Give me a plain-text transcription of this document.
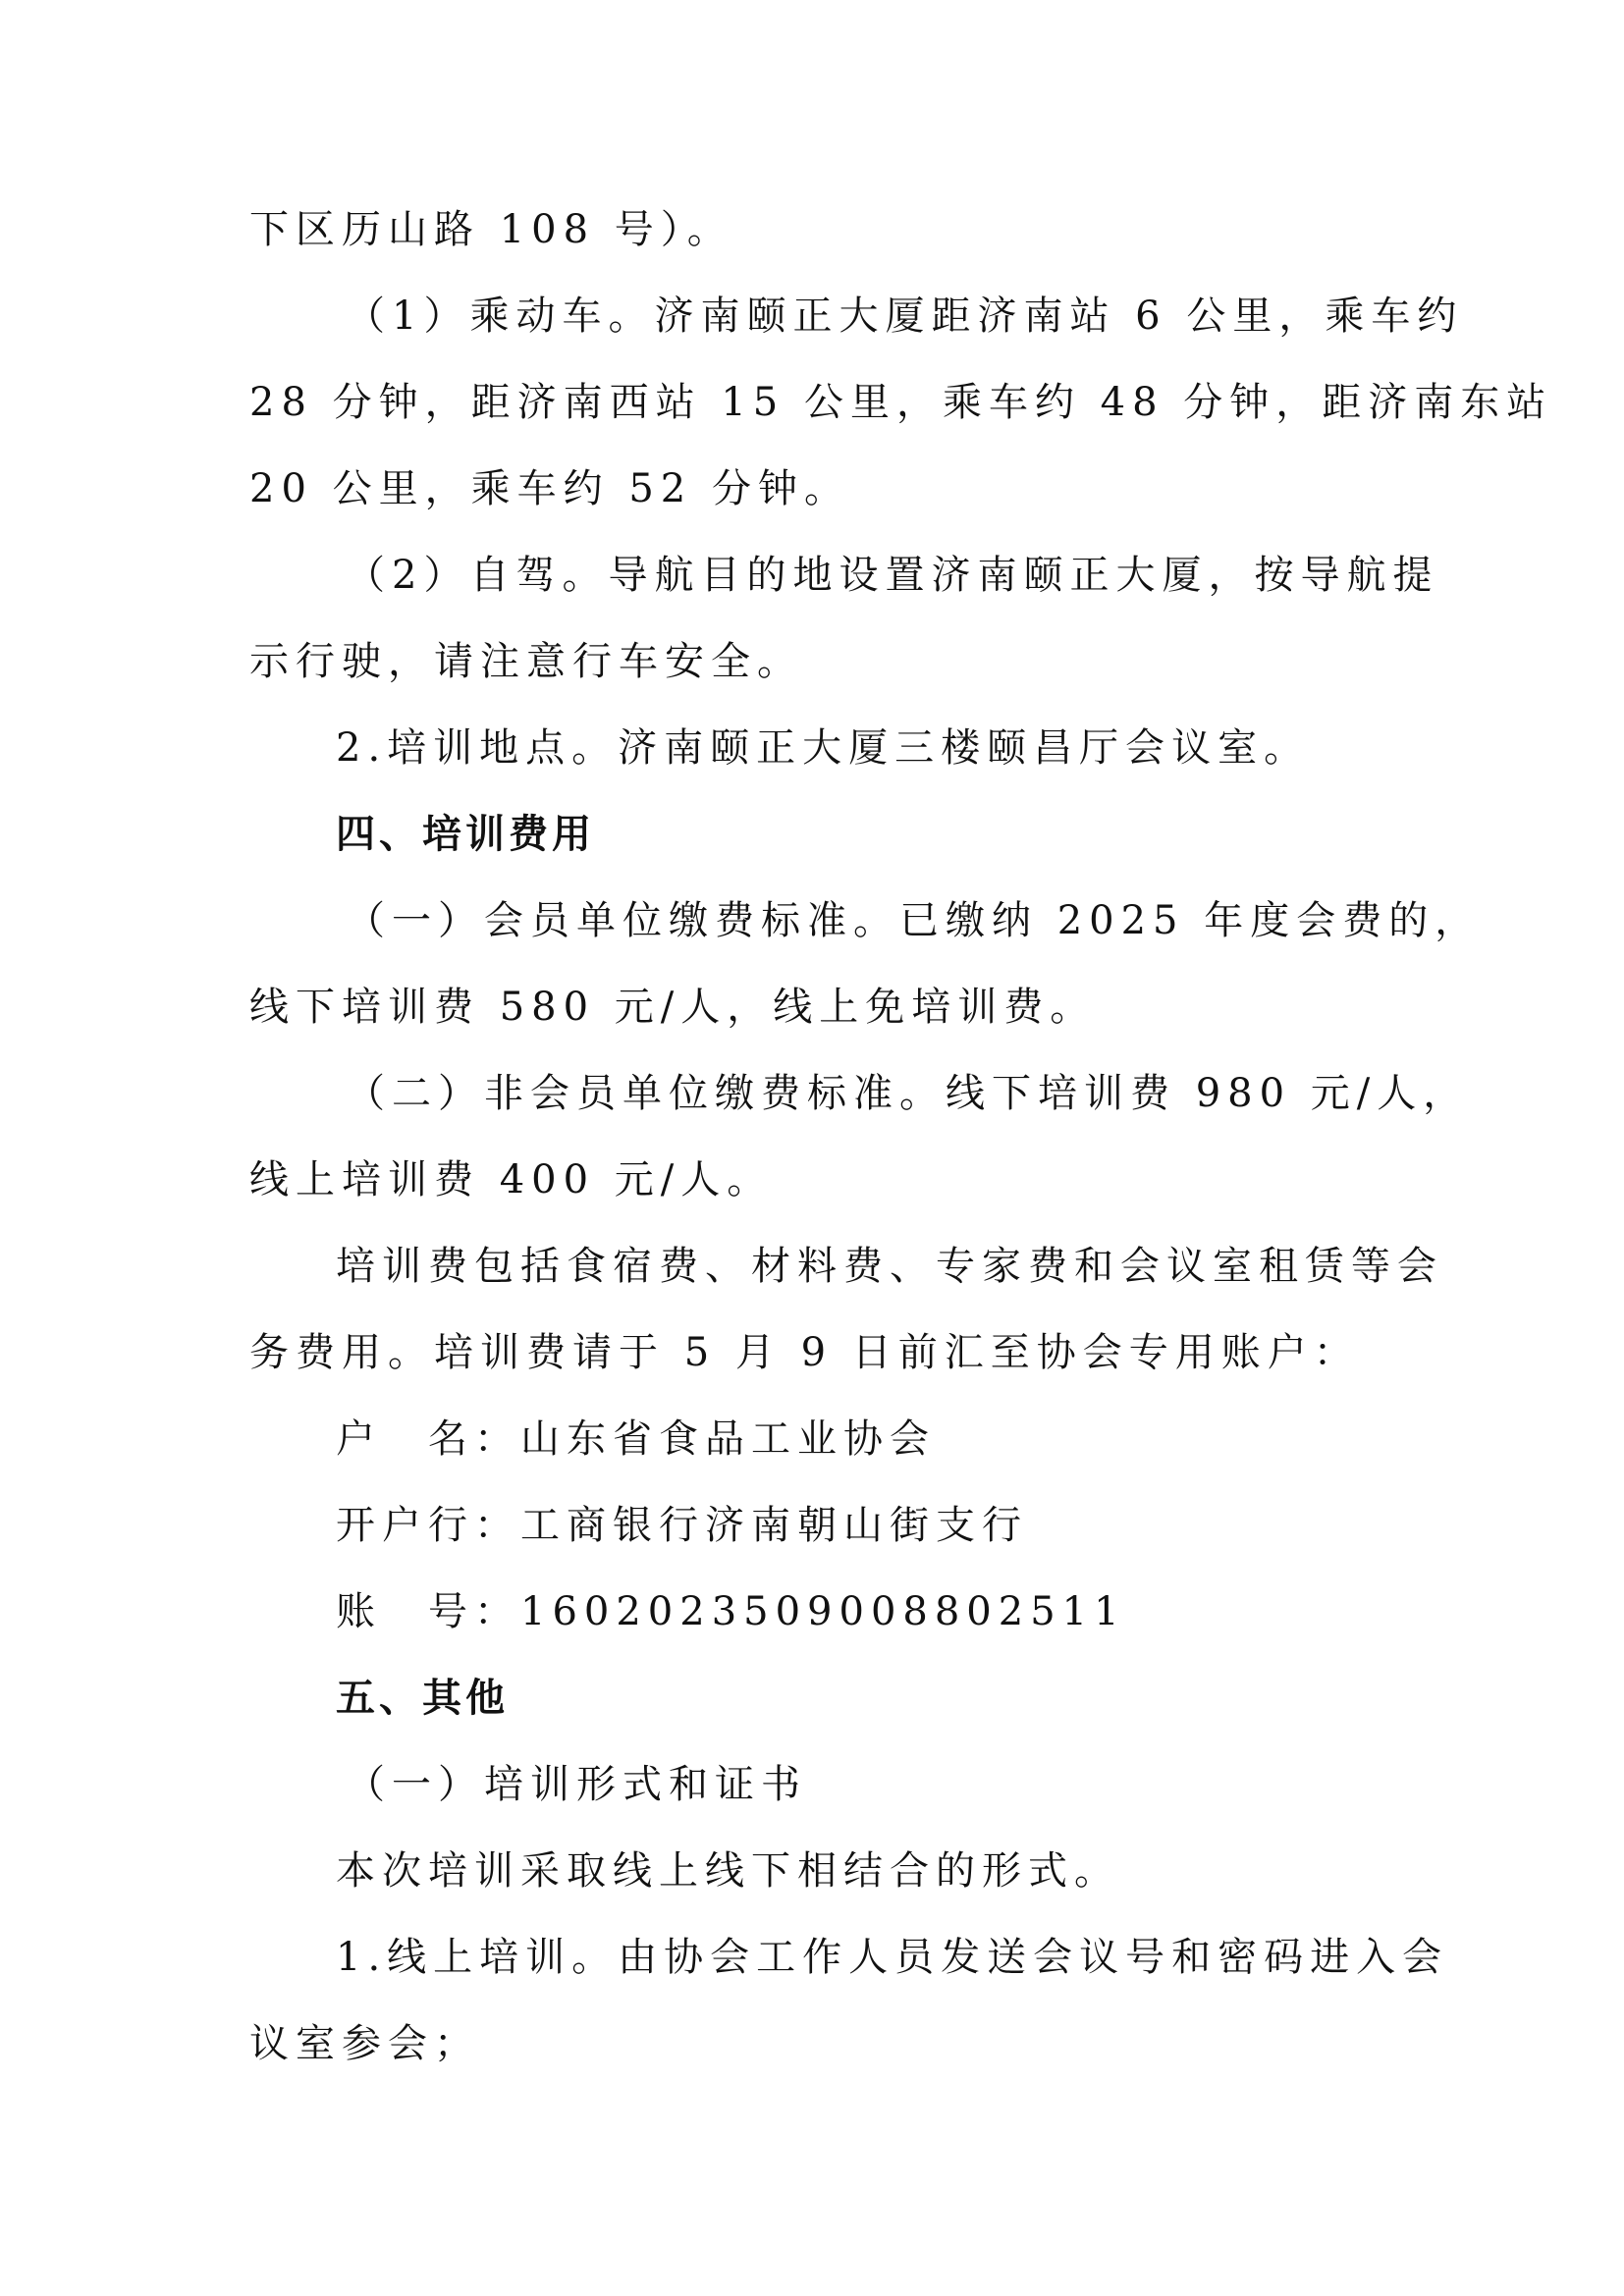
下区历山路 108 号）。
（1）乘动车。济南颐正大厦距济南站 6 公里，乘车约
28 分钟，距济南西站 15 公里，乘车约 48 分钟，距济南东站
20 公里，乘车约 52 分钟。
（2）自驾。导航目的地设置济南颐正大厦，按导航提
示行驶，请注意行车安全。
2.培训地点。济南颐正大厦三楼颐昌厅会议室。
四、培训费用
（一）会员单位缴费标准。已缴纳 2025 年度会费的，
线下培训费 580 元/人，线上免培训费。
（二）非会员单位缴费标准。线下培训费 980 元/人，
线上培训费 400 元/人。
培训费包括食宿费、材料费、专家费和会议室租赁等会
务费用。培训费请于 5 月 9 日前汇至协会专用账户：
户　名：山东省食品工业协会
开户行：工商银行济南朝山街支行
账　号：1602023509008802511
五、其他
（一）培训形式和证书
本次培训采取线上线下相结合的形式。
1.线上培训。由协会工作人员发送会议号和密码进入会
议室参会；
